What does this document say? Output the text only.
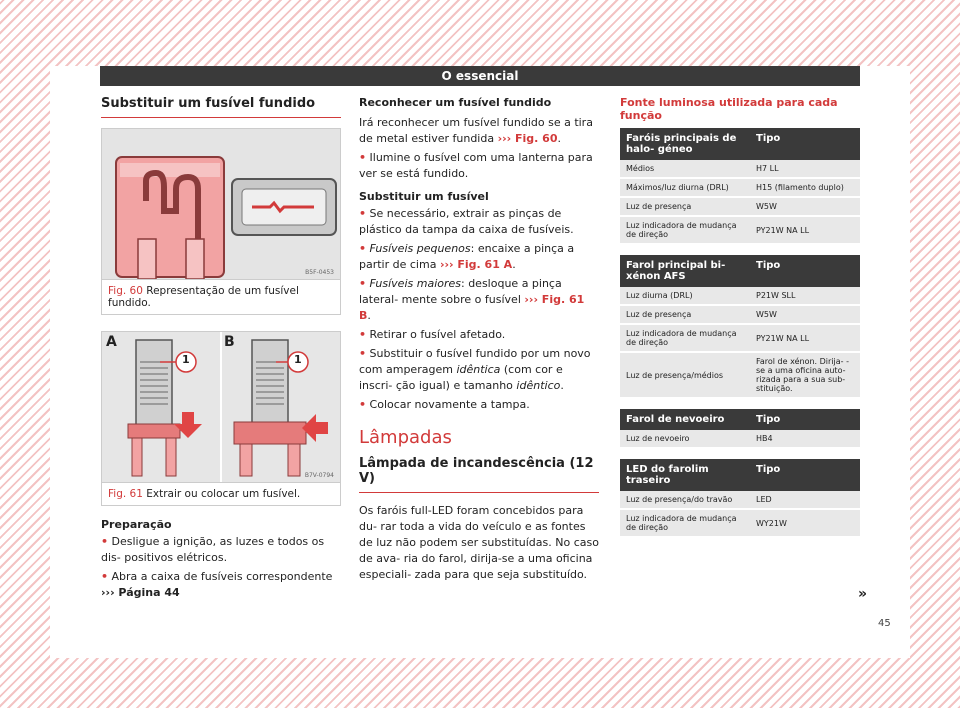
O essencial
Substituir um fusível fundido
B5F-0453
Fig. 60 Representação de um fusível fundido.
A	B
1	1
B7V-0794
Fig. 61 Extrair ou colocar um fusível.
Preparação
• Desligue a ignição, as luzes e todos os dis- positivos elétricos.
• Abra a caixa de fusíveis correspondente
››› Página 44
Reconhecer um fusível fundido
Irá reconhecer um fusível fundido se a tira de metal estiver fundida ››› Fig. 60.
• Ilumine o fusível com uma lanterna para ver se está fundido.
Substituir um fusível
• Se necessário, extrair as pinças de plástico da tampa da caixa de fusíveis.
• Fusíveis pequenos: encaixe a pinça a partir de cima ››› Fig. 61 A.
• Fusíveis maiores: desloque a pinça lateral- mente sobre o fusível ››› Fig. 61 B.
• Retirar o fusível afetado.
• Substituir o fusível fundido por um novo com amperagem idêntica (com cor e inscri- ção igual) e tamanho idêntico.
• Colocar novamente a tampa.
Lâmpadas
Lâmpada de incandescência (12 V)
Os faróis full-LED foram concebidos para du- rar toda a vida do veículo e as fontes de luz não podem ser substituídas. No caso de ava- ria do farol, dirija-se a uma oficina especiali- zada para que seja substituído.
Fonte luminosa utilizada para cada função
Faróis principais de halo- géneo	Tipo
Médios	H7 LL
Máximos/luz diurna (DRL)	H15 (filamento duplo)
Luz de presença	W5W
Luz indicadora de mudança de direção	PY21W NA LL
Farol principal bi-xénon AFS	Tipo
Luz diurna (DRL)	P21W SLL
Luz de presença	W5W
Luz indicadora de mudança de direção	PY21W NA LL
Luz de presença/médios	Farol de xénon. Dirija- -se a uma oficina auto- rizada para a sua sub- stituição.
Farol de nevoeiro	Tipo
Luz de nevoeiro	HB4
LED do farolim traseiro	Tipo
Luz de presença/do travão	LED
Luz indicadora de mudança de direção	WY21W
»
45
